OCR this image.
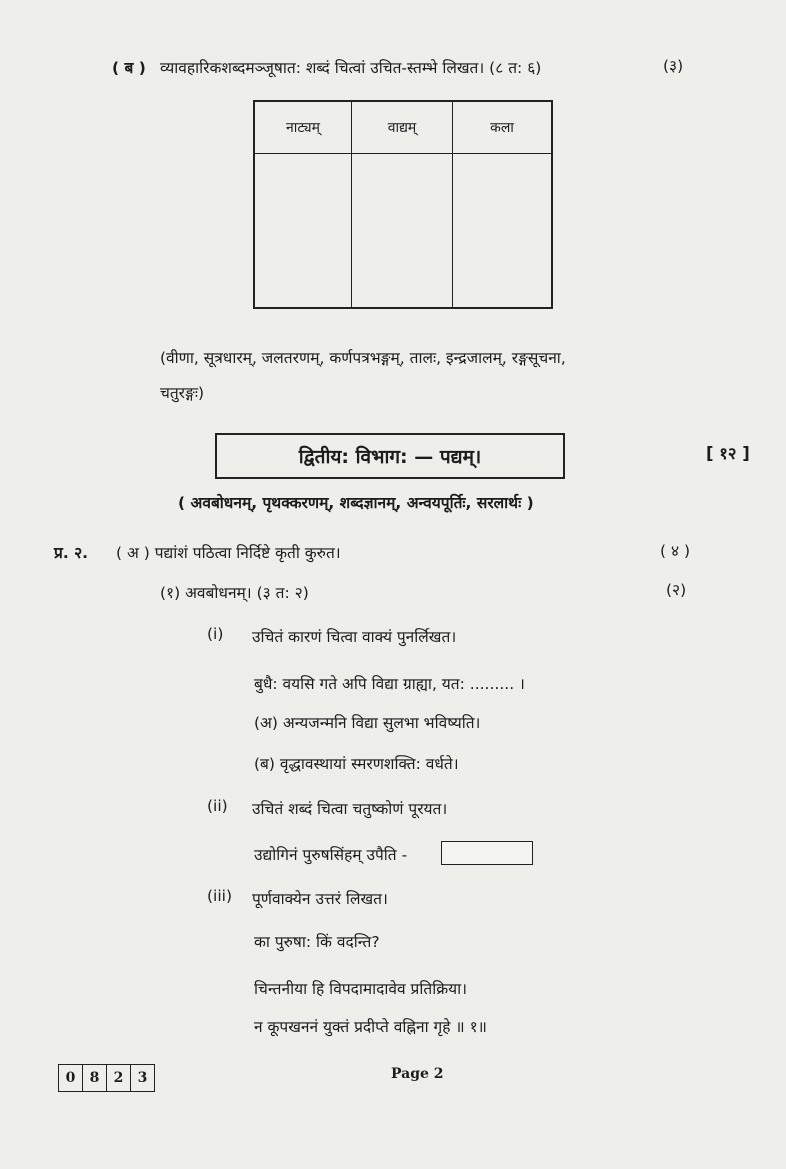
( ब ) व्यावहारिकशब्दमञ्जूषात: शब्दं चित्वां उचित-स्तम्भे लिखत। (८ त: ६)	(३)
नाट्यम्	वाद्यम्	कला
(वीणा, सूत्रधारम्, जलतरणम्, कर्णपत्रभङ्गम्, तालः, इन्द्रजालम्, रङ्गसूचना,
चतुरङ्गः)
द्वितीय: विभाग: — पद्यम्।	[ १२ ]
( अवबोधनम्, पृथक्करणम्, शब्दज्ञानम्, अन्वयपूर्तिः, सरलार्थः )
प्र. २. ( अ ) पद्यांशं पठित्वा निर्दिष्टे कृती कुरुत।	( ४ )
(१) अवबोधनम्। (३ त: २)	(२)
(i) उचितं कारणं चित्वा वाक्यं पुनर्लिखत।
बुधै: वयसि गते अपि विद्या ग्राह्या, यत: ......... ।
(अ) अन्यजन्मनि विद्या सुलभा भविष्यति।
(ब) वृद्धावस्थायां स्मरणशक्ति: वर्धते।
(ii) उचितं शब्दं चित्वा चतुष्कोणं पूरयत।
उद्योगिनं पुरुषसिंहम् उपैति -
(iii) पूर्णवाक्येन उत्तरं लिखत।
का पुरुषा: किं वदन्ति?
चिन्तनीया हि विपदामादावेव प्रतिक्रिया।
न कूपखननं युक्तं प्रदीप्ते वह्निना गृहे ॥ १॥
0	8	2	3	Page 2
